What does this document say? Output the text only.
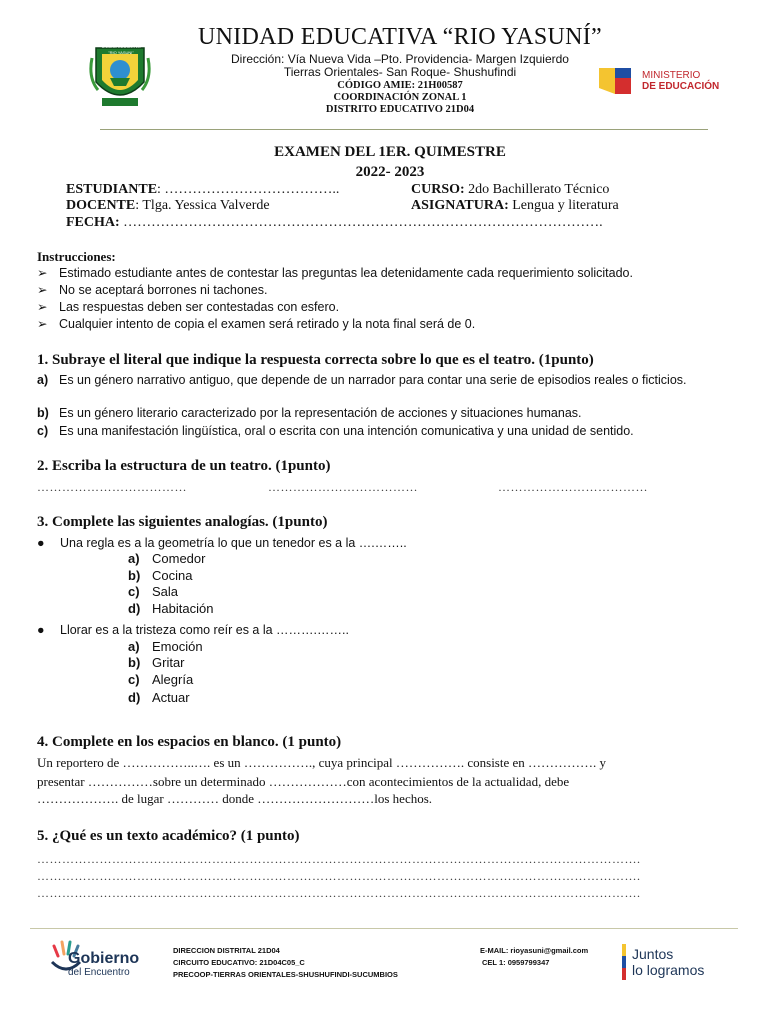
UNIDAD EDUCATIVA
"RIO YASUNI"
UNIDAD EDUCATIVA “RIO YASUNÍ”
Dirección: Vía Nueva Vida –Pto. Providencia- Margen Izquierdo
Tierras Orientales- San Roque- Shushufindi
CÓDIGO AMIE: 21H00587
COORDINACIÓN ZONAL 1
DISTRITO EDUCATIVO 21D04
MINISTERIO
DE EDUCACIÓN
EXAMEN DEL 1ER. QUIMESTRE
2022- 2023
ESTUDIANTE: ………………………………..	CURSO: 2do Bachillerato Técnico
DOCENTE: Tlga. Yessica Valverde	ASIGNATURA: Lengua y literatura
FECHA: ………………………………………………………………………………………….
Instrucciones:
➢ Estimado estudiante antes de contestar las preguntas lea detenidamente cada requerimiento solicitado.
➢ No se aceptará borrones ni tachones.
➢ Las respuestas deben ser contestadas con esfero.
➢ Cualquier intento de copia el examen será retirado y la nota final será de 0.
1. Subraye el literal que indique la respuesta correcta sobre lo que es el teatro. (1punto)
a) Es un género narrativo antiguo, que depende de un narrador para contar una serie de episodios reales o ficticios.
b) Es un género literario caracterizado por la representación de acciones y situaciones humanas.
c) Es una manifestación lingüística, oral o escrita con una intención comunicativa y una unidad de sentido.
2. Escriba la estructura de un teatro. (1punto)
………………………………	………………………………	………………………………
3. Complete las siguientes analogías. (1punto)
● Una regla es a la geometría lo que un tenedor es a la ….……..
a) Comedor
b) Cocina
c) Sala
d) Habitación
● Llorar es a la tristeza como reír es a la ……….……..
a) Emoción
b) Gritar
c) Alegría
d) Actuar
4. Complete en los espacios en blanco. (1 punto)
Un reportero de ……………..…. es un ……………., cuya principal ……………. consiste en ……………. y
presentar ……………sobre un determinado ………………con acontecimientos de la actualidad, debe
………………. de lugar ………… donde ………………………los hechos.
5. ¿Qué es un texto académico? (1 punto)
……………………………………………………………………………………………………………………………….
……………………………………………………………………………………………………………………………….
……………………………………………………………………………………………………………………………….
Gobierno
del Encuentro
DIRECCION DISTRITAL 21D04
CIRCUITO EDUCATIVO: 21D04C05_C
PRECOOP-TIERRAS ORIENTALES-SHUSHUFINDI-SUCUMBIOS
E-MAIL: rioyasuni@gmail.com
CEL 1: 0959799347
Juntos
lo logramos
